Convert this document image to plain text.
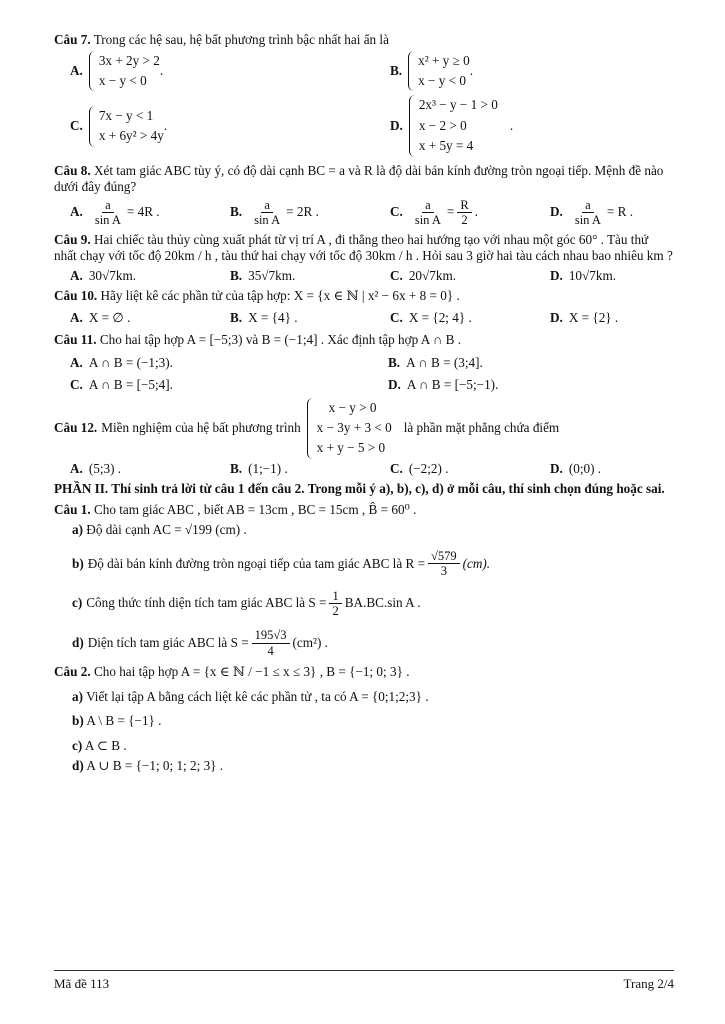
Câu 7. Trong các hệ sau, hệ bất phương trình bậc nhất hai ẩn là
A.
3x + 2y > 2
x − y < 0
.	B.
x² + y ≥ 0
x − y < 0
.
C.
7x − y < 1
x + 6y² > 4y
.	D.
2x³ − y − 1 > 0
x − 2 > 0
x + 5y = 4
.
Câu 8. Xét tam giác ABC tùy ý, có độ dài cạnh BC = a và R là độ dài bán kính đường tròn ngoại tiếp. Mệnh đề nào dưới đây đúng?
A. $\frac{a}{\text{sin A}} = 4R$ .	B. $\frac{a}{\text{sin A}} = 2R$ .	C. $\frac{a}{\text{sin A}} = \frac{R}{2}$ .	D. $\frac{a}{\text{sin A}} = R$ .
Câu 9. Hai chiếc tàu thủy cùng xuất phát từ vị trí A , đi thẳng theo hai hướng tạo với nhau một góc 60° . Tàu thứ nhất chạy với tốc độ 20km / h , tàu thứ hai chạy với tốc độ 30km / h . Hỏi sau 3 giờ hai tàu cách nhau bao nhiêu km ?
A. 30√7km.	B. 35√7km.	C. 20√7km.	D. 10√7km.
Câu 10. Hãy liệt kê các phần tử của tập hợp: X = {x ∈ ℕ | x² − 6x + 8 = 0} .
A. X = ∅ .	B. X = {4} .	C. X = {2; 4} .	D. X = {2} .
Câu 11. Cho hai tập hợp A = [−5;3) và B = (−1;4] . Xác định tập hợp A ∩ B .
A. A ∩ B = (−1;3).	B. A ∩ B = (3;4].
C. A ∩ B = [−5;4].	D. A ∩ B = [−5;−1).
Câu 12. Miền nghiệm của hệ bất phương trình
x − y > 0
x − 3y + 3 < 0
x + y − 5 > 0
là phần mặt phẳng chứa điểm
A. (5;3) .	B. (1;−1) .	C. (−2;2) .	D. (0;0) .
PHẦN II. Thí sinh trả lời từ câu 1 đến câu 2. Trong mỗi ý a), b), c), d) ở mỗi câu, thí sinh chọn đúng hoặc sai.
Câu 1. Cho tam giác ABC , biết AB = 13cm , BC = 15cm , B̂ = 60⁰ .
a) Độ dài cạnh AC = √199 (cm) .
b) Độ dài bán kính đường tròn ngoại tiếp của tam giác ABC là $R = \frac{√579}{3} (cm)$.
c) Công thức tính diện tích tam giác ABC là $S = \frac{1}{2} BA.BC.\sin$ A .
d) Diện tích tam giác ABC là $S = \frac{195√3}{4} (cm^2)$ .
Câu 2. Cho hai tập hợp A = {x ∈ ℕ / −1 ≤ x ≤ 3} , B = {−1; 0; 3} .
a) Viết lại tập A bằng cách liệt kê các phần tử , ta có A = {0;1;2;3} .
b) A \ B = {−1} .
c) A ⊂ B .
d) A ∪ B = {−1; 0; 1; 2; 3} .
Mã đề 113	Trang 2/4
